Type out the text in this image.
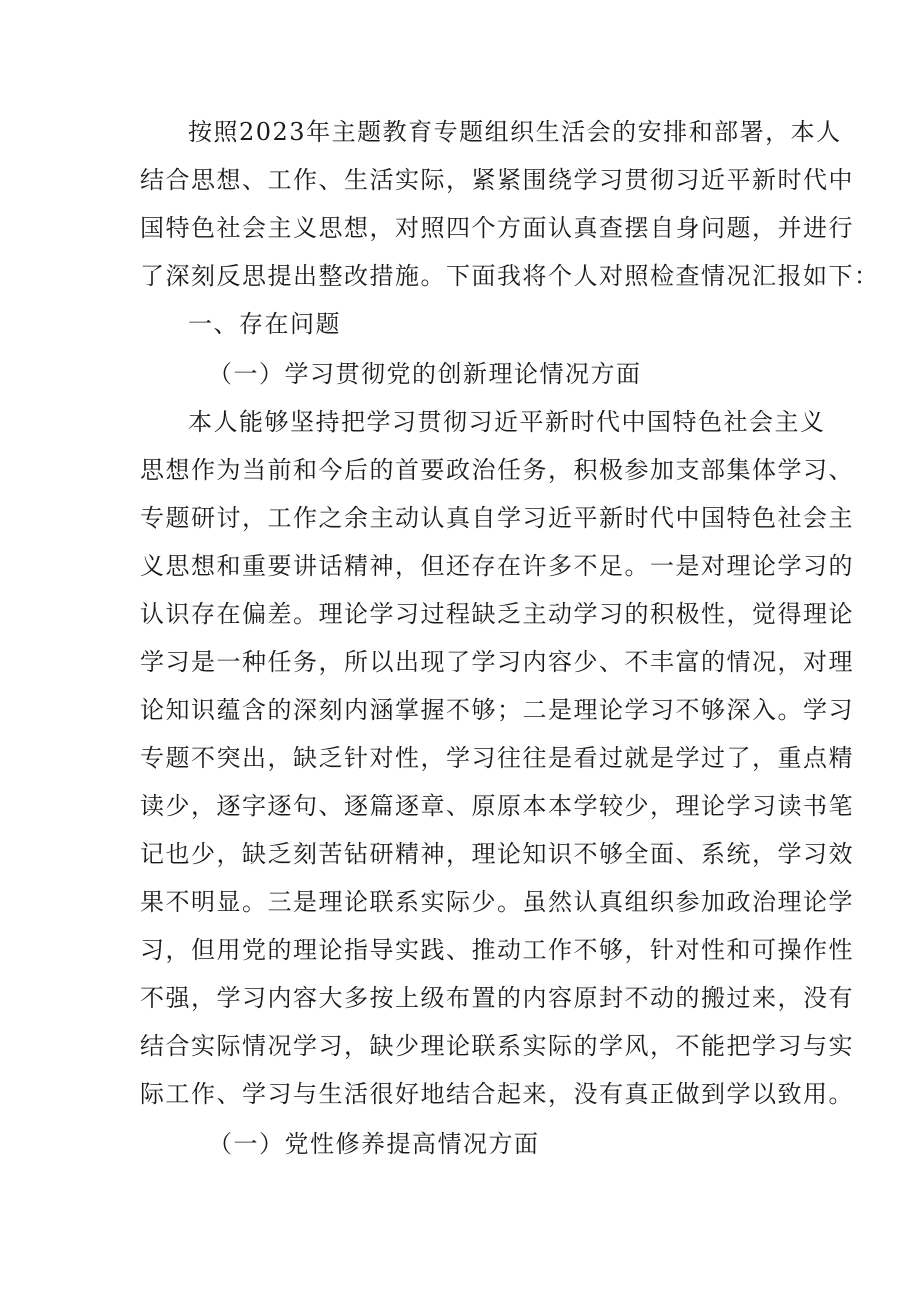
按照2023年主题教育专题组织生活会的安排和部署，本人
结合思想、工作、生活实际，紧紧围绕学习贯彻习近平新时代中
国特色社会主义思想，对照四个方面认真查摆自身问题，并进行
了深刻反思提出整改措施。下面我将个人对照检查情况汇报如下：
一、存在问题
（一）学习贯彻党的创新理论情况方面
本人能够坚持把学习贯彻习近平新时代中国特色社会主义
思想作为当前和今后的首要政治任务，积极参加支部集体学习、
专题研讨，工作之余主动认真自学习近平新时代中国特色社会主
义思想和重要讲话精神，但还存在许多不足。一是对理论学习的
认识存在偏差。理论学习过程缺乏主动学习的积极性，觉得理论
学习是一种任务，所以出现了学习内容少、不丰富的情况，对理
论知识蕴含的深刻内涵掌握不够；二是理论学习不够深入。学习
专题不突出，缺乏针对性，学习往往是看过就是学过了，重点精
读少，逐字逐句、逐篇逐章、原原本本学较少，理论学习读书笔
记也少，缺乏刻苦钻研精神，理论知识不够全面、系统，学习效
果不明显。三是理论联系实际少。虽然认真组织参加政治理论学
习，但用党的理论指导实践、推动工作不够，针对性和可操作性
不强，学习内容大多按上级布置的内容原封不动的搬过来，没有
结合实际情况学习，缺少理论联系实际的学风，不能把学习与实
际工作、学习与生活很好地结合起来，没有真正做到学以致用。
（一）党性修养提高情况方面
